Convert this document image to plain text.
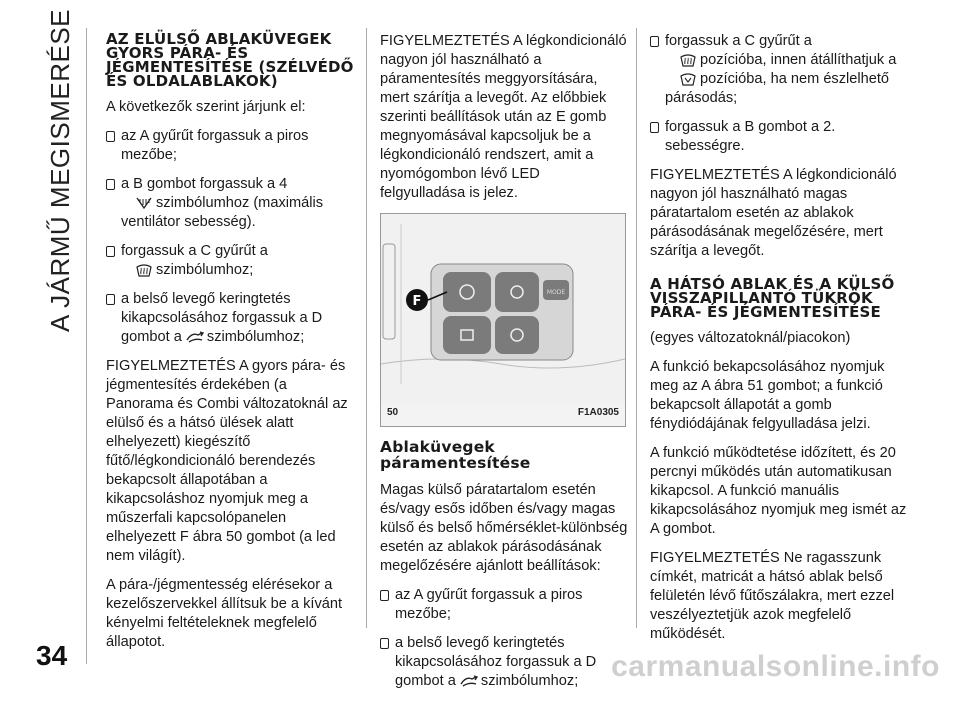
A JÁRMŰ MEGISMERÉSE
34	carmanualsonline.info
AZ ELÜLSŐ ABLAKÜVEGEK GYORS PÁRA- ÉS JÉGMENTESÍTÉSE (SZÉLVÉDŐ ÉS OLDALABLAKOK)

A következők szerint járjunk el:

az A gyűrűt forgassuk a piros mezőbe;
a B gombot forgassuk a 4
szimbólumhoz (maximális ventilátor sebesség).
forgassuk a C gyűrűt a
szimbólumhoz;
a belső levegő keringtetés kikapcsolásához forgassuk a D gombot a szimbólumhoz;

FIGYELMEZTETÉS A gyors pára- és jégmentesítés érdekében (a Panorama és Combi változatoknál az elülső és a hátsó ülések alatt elhelyezett) kiegészítő fűtő/légkondicionáló berendezés bekapcsolt állapotában a kikapcsoláshoz nyomjuk meg a műszerfali kapcsolópanelen elhelyezett F ábra 50 gombot (a led nem világít).

A pára-/jégmentesség elérésekor a kezelőszervekkel állítsuk be a kívánt kényelmi feltételeknek megfelelő állapotot.

FIGYELMEZTETÉS A légkondicionáló nagyon jól használható a páramentesítés meggyorsítására, mert szárítja a levegőt. Az előbbiek szerinti beállítások után az E gomb megnyomásával kapcsoljuk be a légkondicionáló rendszert, amit a nyomógombon lévő LED felgyulladása is jelez.

MODE
F
50	F1A0305
Ablaküvegek páramentesítése

Magas külső páratartalom esetén és/vagy esős időben és/vagy magas külső és belső hőmérséklet-különbség esetén az ablakok párásodásának megelőzésére ajánlott beállítások:

az A gyűrűt forgassuk a piros mezőbe;
a belső levegő keringtetés kikapcsolásához forgassuk a D gombot a szimbólumhoz;
forgassuk a C gyűrűt a
pozícióba, innen átállíthatjuk a
pozícióba, ha nem észlelhető párásodás;
forgassuk a B gombot a 2. sebességre.

FIGYELMEZTETÉS A légkondicionáló nagyon jól használható magas páratartalom esetén az ablakok párásodásának megelőzésére, mert szárítja a levegőt.

A HÁTSÓ ABLAK ÉS A KÜLSŐ VISSZAPILLANTÓ TÜKRÖK PÁRA- ÉS JÉGMENTESÍTÉSE

(egyes változatoknál/piacokon)

A funkció bekapcsolásához nyomjuk meg az A ábra 51 gombot; a funkció bekapcsolt állapotát a gomb fénydiódájának felgyulladása jelzi.

A funkció működtetése időzített, és 20 percnyi működés után automatikusan kikapcsol. A funkció manuális kikapcsolásához nyomjuk meg ismét az A gombot.

FIGYELMEZTETÉS Ne ragasszunk címkét, matricát a hátsó ablak belső felületén lévő fűtőszálakra, mert ezzel veszélyeztetjük azok megfelelő működését.
